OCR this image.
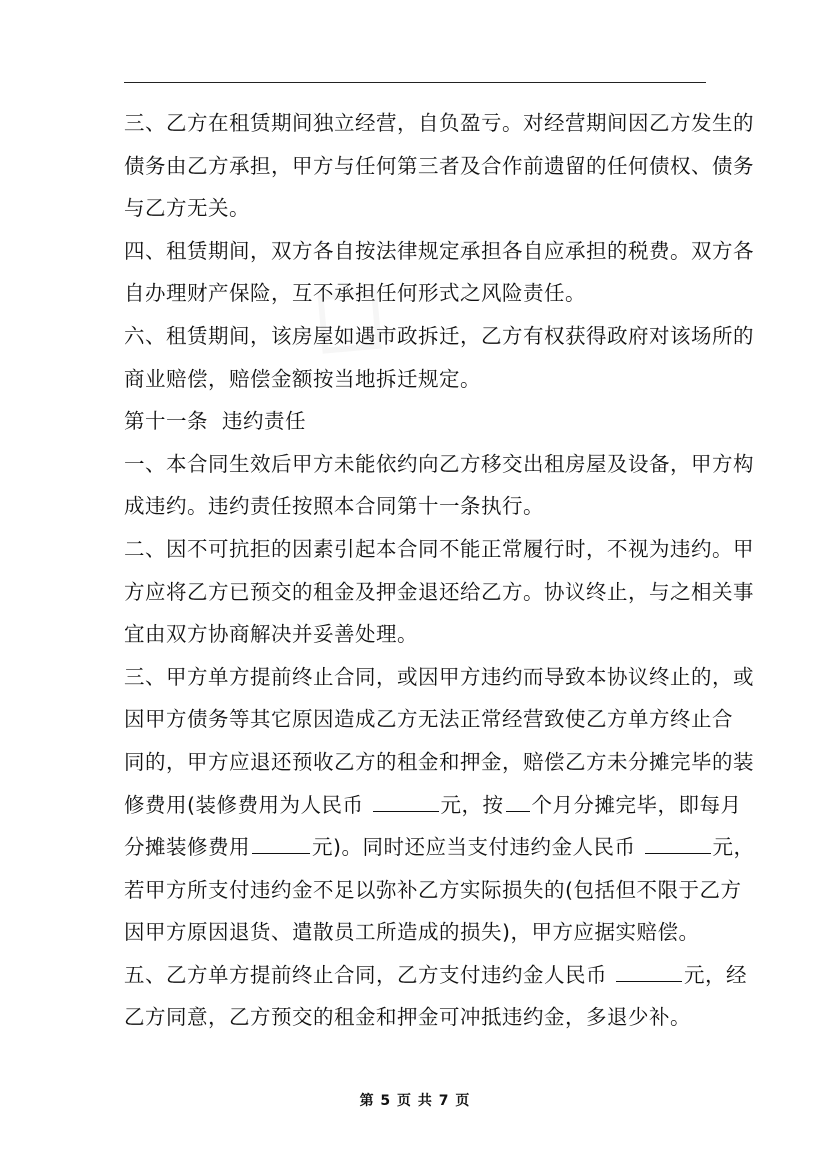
三、乙方在租赁期间独立经营，自负盈亏。对经营期间因乙方发生的
债务由乙方承担，甲方与任何第三者及合作前遗留的任何债权、债务
与乙方无关。

四、租赁期间，双方各自按法律规定承担各自应承担的税费。双方各
自办理财产保险，互不承担任何形式之风险责任。

六、租赁期间，该房屋如遇市政拆迁，乙方有权获得政府对该场所的
商业赔偿，赔偿金额按当地拆迁规定。

第十一条  违约责任

一、本合同生效后甲方未能依约向乙方移交出租房屋及设备，甲方构
成违约。违约责任按照本合同第十一条执行。

二、因不可抗拒的因素引起本合同不能正常履行时，不视为违约。甲
方应将乙方已预交的租金及押金退还给乙方。协议终止，与之相关事
宜由双方协商解决并妥善处理。

三、甲方单方提前终止合同，或因甲方违约而导致本协议终止的，或
因甲方债务等其它原因造成乙方无法正常经营致使乙方单方终止合
同的，甲方应退还预收乙方的租金和押金，赔偿乙方未分摊完毕的装
修费用(装修费用为人民币	元，按 个月分摊完毕，即每月
分摊装修费用	元)。同时还应当支付违约金人民币	元，

若甲方所支付违约金不足以弥补乙方实际损失的(包括但不限于乙方
因甲方原因退货、遣散员工所造成的损失)，甲方应据实赔偿。

五、乙方单方提前终止合同，乙方支付违约金人民币	元，经
乙方同意，乙方预交的租金和押金可冲抵违约金，多退少补。

第 5 页 共 7 页
